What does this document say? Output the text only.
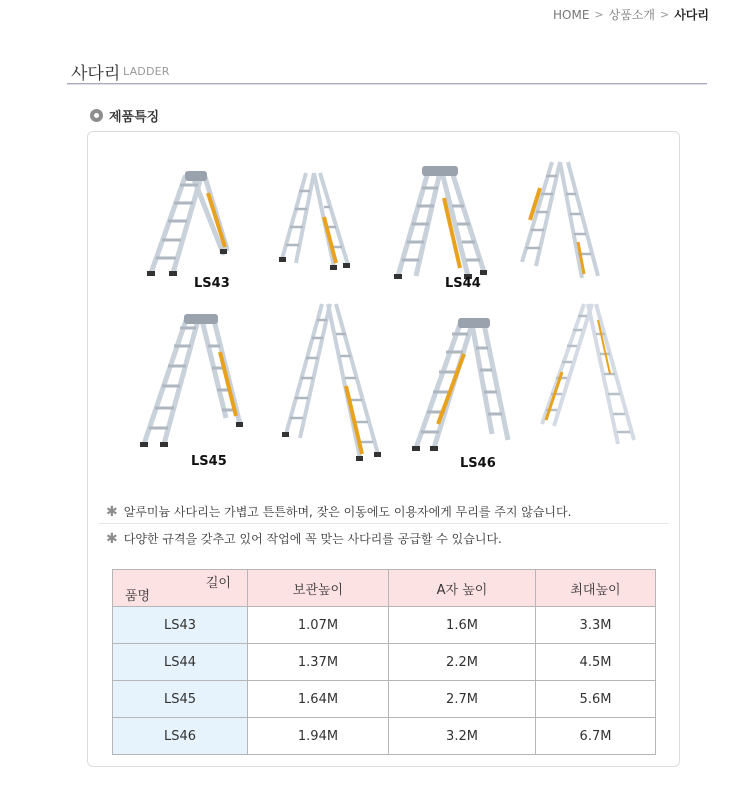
HOME > 상품소개 > 사다리
사다리 LADDER
제품특징
LS43	LS44
LS45	LS46
✱ 알루미늄 사다리는 가볍고 튼튼하며, 잦은 이동에도 이용자에게 무리를 주지 않습니다.
✱ 다양한 규격을 갖추고 있어 작업에 꼭 맞는 사다리를 공급할 수 있습니다.
길이
품명	보관높이	A자 높이	최대높이
LS43	1.07M	1.6M	3.3M
LS44	1.37M	2.2M	4.5M
LS45	1.64M	2.7M	5.6M
LS46	1.94M	3.2M	6.7M
